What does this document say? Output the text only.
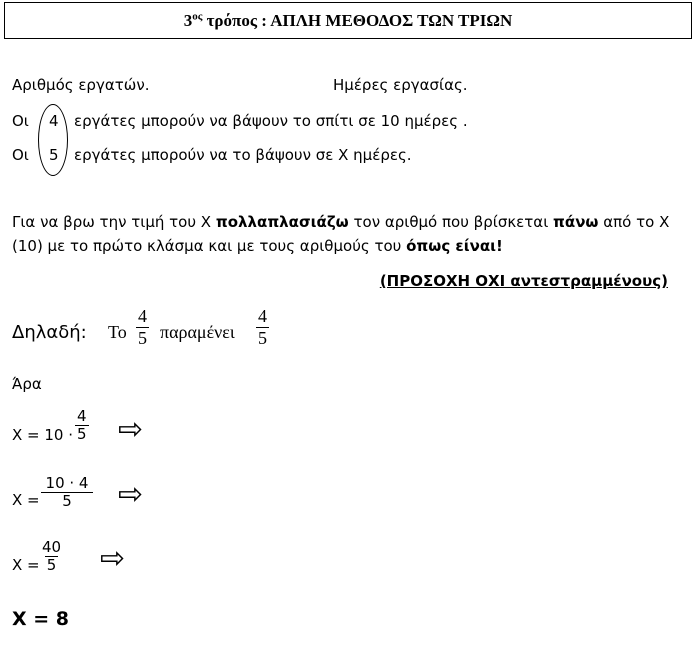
$3^{o\varsigma}$ τρόπος : ΑΠΛΗ ΜΕΘΟΔΟΣ ΤΩΝ ΤΡΙΩΝ
Αριθμός εργατών.	Ημέρες εργασίας.
Οι 4 εργάτες μπορούν να βάψουν το σπίτι σε 10 ημέρες .
Οι 5 εργάτες μπορούν να το βάψουν σε Χ ημέρες.
Για να βρω την τιμή του Χ πολλαπλασιάζω τον αριθμό που βρίσκεται πάνω από το Χ
(10) με το πρώτο κλάσμα και με τους αριθμούς του όπως είναι!
(ΠΡΟΣΟΧΗ ΟΧΙ αντεστραμμένους)
Δηλαδή: Το $\frac{4}{5}$ παραμένει $\frac{4}{5}$
Άρα
$X = 10 \cdot \frac{4}{5}$ ⇨
$X = \frac{10 \cdot 4}{5}$ ⇨
$X = \frac{40}{5}$ ⇨
Χ = 8
